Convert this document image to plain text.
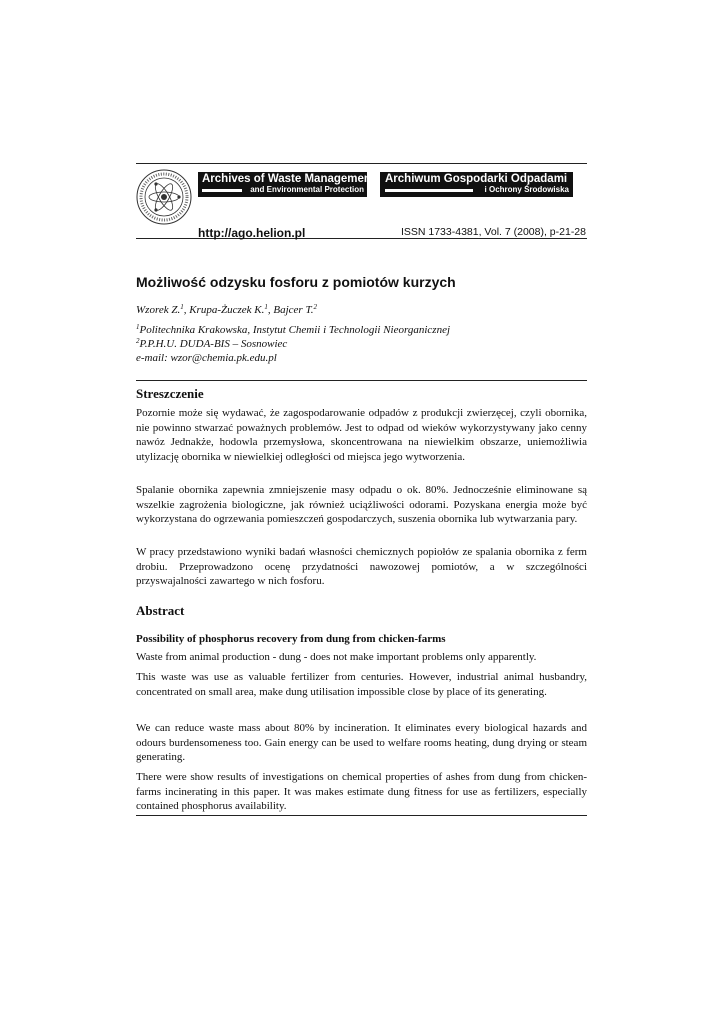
Archives of Waste Management
and Environmental Protection
Archiwum Gospodarki Odpadami
i Ochrony Środowiska
http://ago.helion.pl	ISSN 1733-4381, Vol. 7 (2008), p-21-28
Możliwość odzysku fosforu z pomiotów kurzych
Wzorek Z.$^1$, Krupa-Żuczek K.$^1$, Bajcer T.$^2$
$^1$Politechnika Krakowska, Instytut Chemii i Technologii Nieorganicznej
$^2$P.P.H.U. DUDA-BIS – Sosnowiec
e-mail: wzor@chemia.pk.edu.pl
Streszczenie

Pozornie może się wydawać, że zagospodarowanie odpadów z produkcji zwierzęcej, czyli obornika, nie powinno stwarzać poważnych problemów. Jest to odpad od wieków wykorzystywany jako cenny nawóz Jednakże, hodowla przemysłowa, skoncentrowana na niewielkim obszarze, uniemożliwia utylizację obornika w niewielkiej odległości od miejsca jego wytworzenia.

Spalanie obornika zapewnia zmniejszenie masy odpadu o ok. 80%. Jednocześnie eliminowane są wszelkie zagrożenia biologiczne, jak również uciążliwości odorami. Pozyskana energia może być wykorzystana do ogrzewania pomieszczeń gospodarczych, suszenia obornika lub wytwarzania pary.

W pracy przedstawiono wyniki badań własności chemicznych popiołów ze spalania obornika z ferm drobiu. Przeprowadzono ocenę przydatności nawozowej pomiotów, a w szczególności przyswajalności zawartego w nich fosforu.

Abstract
Possibility of phosphorus recovery from dung from chicken-farms

Waste from animal production - dung - does not make important problems only apparently.

This waste was use as valuable fertilizer from centuries. However, industrial animal husbandry, concentrated on small area, make dung utilisation impossible close by place of its generating.

We can reduce waste mass about 80% by incineration. It eliminates every biological hazards and odours burdensomeness too. Gain energy can be used to welfare rooms heating, dung drying or steam generating.

There were show results of investigations on chemical properties of ashes from dung from chicken-farms incinerating in this paper. It was makes estimate dung fitness for use as fertilizers, especially contained phosphorus availability.
